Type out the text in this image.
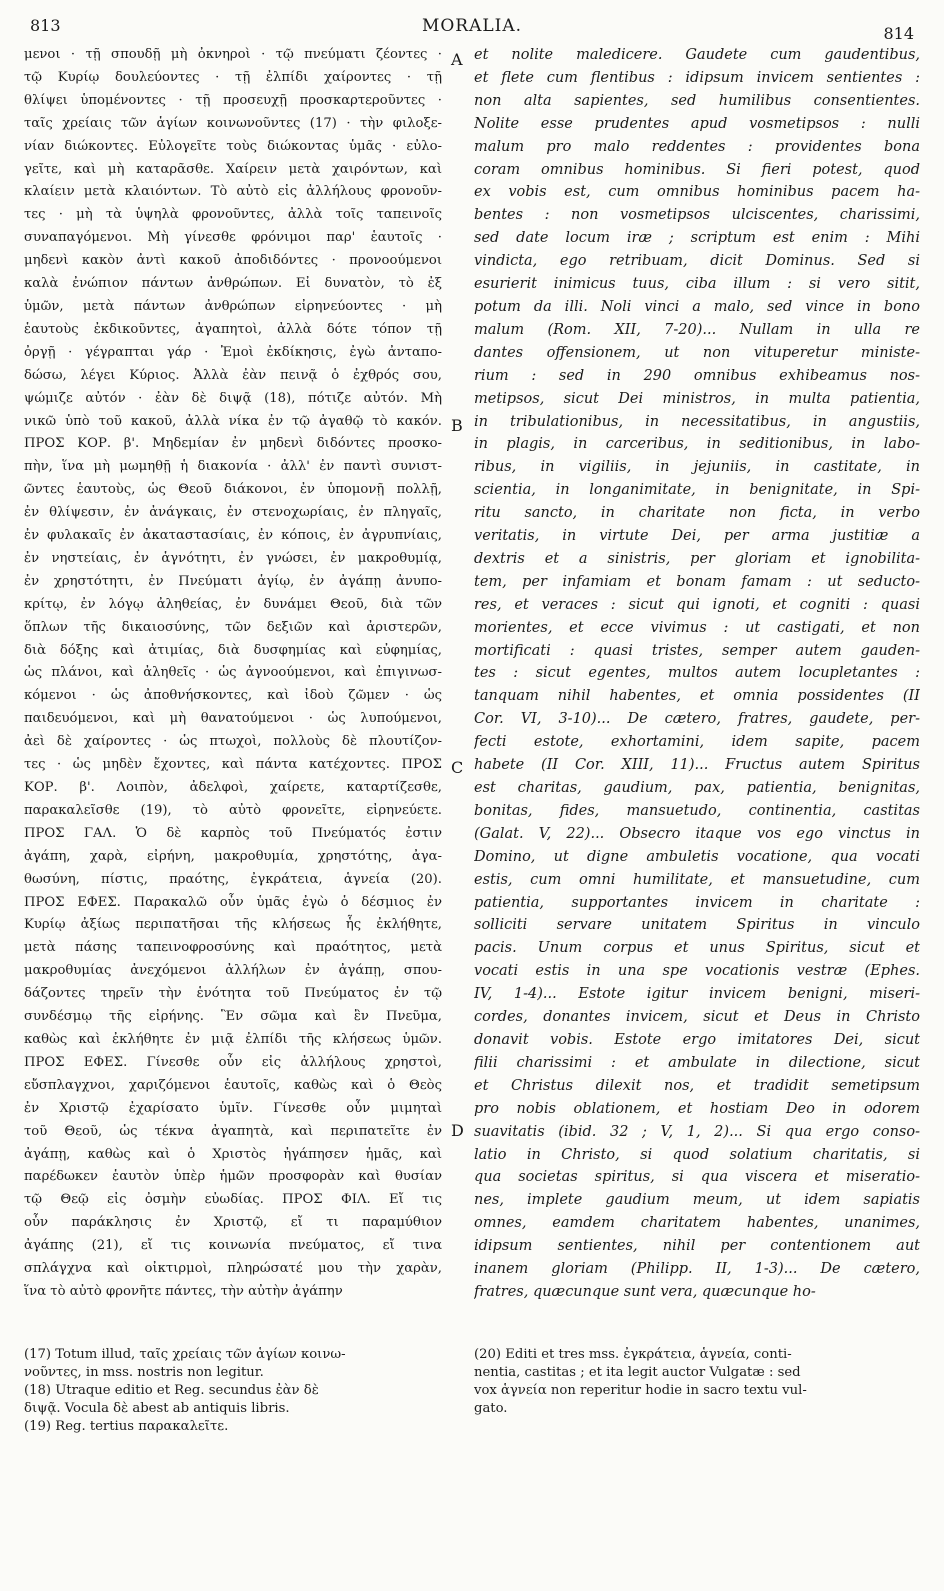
813	MORALIA.	814
μενοι · τῇ σπουδῇ μὴ ὀκνηροὶ · τῷ πνεύματι ζέοντες ·
τῷ Κυρίῳ δουλεύοντες · τῇ ἐλπίδι χαίροντες · τῇ
θλίψει ὑπομένοντες · τῇ προσευχῇ προσκαρτεροῦντες ·
ταῖς χρείαις τῶν ἁγίων κοινωνοῦντες (17) · τὴν φιλοξε-
νίαν διώκοντες. Εὐλογεῖτε τοὺς διώκοντας ὑμᾶς · εὐλο-
γεῖτε, καὶ μὴ καταρᾶσθε. Χαίρειν μετὰ χαιρόντων, καὶ
κλαίειν μετὰ κλαιόντων. Τὸ αὐτὸ εἰς ἀλλήλους φρονοῦν-
τες · μὴ τὰ ὑψηλὰ φρονοῦντες, ἀλλὰ τοῖς ταπεινοῖς
συναπαγόμενοι. Μὴ γίνεσθε φρόνιμοι παρ' ἑαυτοῖς ·
μηδενὶ κακὸν ἀντὶ κακοῦ ἀποδιδόντες · προνοούμενοι
καλὰ ἐνώπιον πάντων ἀνθρώπων. Εἰ δυνατὸν, τὸ ἐξ
ὑμῶν, μετὰ πάντων ἀνθρώπων εἰρηνεύοντες · μὴ
ἑαυτοὺς ἐκδικοῦντες, ἀγαπητοὶ, ἀλλὰ δότε τόπον τῇ
ὀργῇ · γέγραπται γάρ · Ἐμοὶ ἐκδίκησις, ἐγὼ ἀνταπο-
δώσω, λέγει Κύριος. Ἀλλὰ ἐὰν πεινᾷ ὁ ἐχθρός σου,
ψώμιζε αὐτόν · ἐὰν δὲ διψᾷ (18), πότιζε αὐτόν. Μὴ
νικῶ ὑπὸ τοῦ κακοῦ, ἀλλὰ νίκα ἐν τῷ ἀγαθῷ τὸ κακόν.
ΠΡΟΣ ΚΟΡ. β'. Μηδεμίαν ἐν μηδενὶ διδόντες προσκο-
πὴν, ἵνα μὴ μωμηθῇ ἡ διακονία · ἀλλ' ἐν παντὶ συνιστ-
ῶντες ἑαυτοὺς, ὡς Θεοῦ διάκονοι, ἐν ὑπομονῇ πολλῇ,
ἐν θλίψεσιν, ἐν ἀνάγκαις, ἐν στενοχωρίαις, ἐν πληγαῖς,
ἐν φυλακαῖς ἐν ἀκαταστασίαις, ἐν κόποις, ἐν ἀγρυπνίαις,
ἐν νηστείαις, ἐν ἁγνότητι, ἐν γνώσει, ἐν μακροθυμίᾳ,
ἐν χρηστότητι, ἐν Πνεύματι ἁγίῳ, ἐν ἀγάπῃ ἀνυπο-
κρίτῳ, ἐν λόγῳ ἀληθείας, ἐν δυνάμει Θεοῦ, διὰ τῶν
ὅπλων τῆς δικαιοσύνης, τῶν δεξιῶν καὶ ἀριστερῶν,
διὰ δόξης καὶ ἀτιμίας, διὰ δυσφημίας καὶ εὐφημίας,
ὡς πλάνοι, καὶ ἀληθεῖς · ὡς ἀγνοούμενοι, καὶ ἐπιγινωσ-
κόμενοι · ὡς ἀποθνήσκοντες, καὶ ἰδοὺ ζῶμεν · ὡς
παιδευόμενοι, καὶ μὴ θανατούμενοι · ὡς λυπούμενοι,
ἀεὶ δὲ χαίροντες · ὡς πτωχοὶ, πολλοὺς δὲ πλουτίζον-
τες · ὡς μηδὲν ἔχοντες, καὶ πάντα κατέχοντες. ΠΡΟΣ
ΚΟΡ. β'. Λοιπὸν, ἀδελφοὶ, χαίρετε, καταρτίζεσθε,
παρακαλεῖσθε (19), τὸ αὐτὸ φρονεῖτε, εἰρηνεύετε.
ΠΡΟΣ ΓΑΛ. Ὁ δὲ καρπὸς τοῦ Πνεύματός ἐστιν
ἀγάπη, χαρὰ, εἰρήνη, μακροθυμία, χρηστότης, ἀγα-
θωσύνη, πίστις, πραότης, ἐγκράτεια, ἁγνεία (20).
ΠΡΟΣ ΕΦΕΣ. Παρακαλῶ οὖν ὑμᾶς ἐγὼ ὁ δέσμιος ἐν
Κυρίῳ ἀξίως περιπατῆσαι τῆς κλήσεως ἧς ἐκλήθητε,
μετὰ πάσης ταπεινοφροσύνης καὶ πραότητος, μετὰ
μακροθυμίας ἀνεχόμενοι ἀλλήλων ἐν ἀγάπῃ, σπου-
δάζοντες τηρεῖν τὴν ἑνότητα τοῦ Πνεύματος ἐν τῷ
συνδέσμῳ τῆς εἰρήνης. Ἓν σῶμα καὶ ἓν Πνεῦμα,
καθὼς καὶ ἐκλήθητε ἐν μιᾷ ἐλπίδι τῆς κλήσεως ὑμῶν.
ΠΡΟΣ ΕΦΕΣ. Γίνεσθε οὖν εἰς ἀλλήλους χρηστοὶ,
εὔσπλαγχνοι, χαριζόμενοι ἑαυτοῖς, καθὼς καὶ ὁ Θεὸς
ἐν Χριστῷ ἐχαρίσατο ὑμῖν. Γίνεσθε οὖν μιμηταὶ
τοῦ Θεοῦ, ὡς τέκνα ἀγαπητὰ, καὶ περιπατεῖτε ἐν
ἀγάπῃ, καθὼς καὶ ὁ Χριστὸς ἠγάπησεν ἡμᾶς, καὶ
παρέδωκεν ἑαυτὸν ὑπὲρ ἡμῶν προσφορὰν καὶ θυσίαν
τῷ Θεῷ εἰς ὀσμὴν εὐωδίας. ΠΡΟΣ ΦΙΛ. Εἴ τις
οὖν παράκλησις ἐν Χριστῷ, εἴ τι παραμύθιον
ἀγάπης (21), εἴ τις κοινωνία πνεύματος, εἴ τινα
σπλάγχνα καὶ οἰκτιρμοὶ, πληρώσατέ μου τὴν χαρὰν,
ἵνα τὸ αὐτὸ φρονῆτε πάντες, τὴν αὐτὴν ἀγάπην
et nolite maledicere. Gaudete cum gaudentibus,
et flete cum flentibus : idipsum invicem sentientes :
non alta sapientes, sed humilibus consentientes.
Nolite esse prudentes apud vosmetipsos : nulli
malum pro malo reddentes : providentes bona
coram omnibus hominibus. Si fieri potest, quod
ex vobis est, cum omnibus hominibus pacem ha-
bentes : non vosmetipsos ulciscentes, charissimi,
sed date locum iræ ; scriptum est enim : Mihi
vindicta, ego retribuam, dicit Dominus. Sed si
esurierit inimicus tuus, ciba illum : si vero sitit,
potum da illi. Noli vinci a malo, sed vince in bono
malum (Rom. XII, 7-20)... Nullam in ulla re
dantes offensionem, ut non vituperetur ministe-
rium : sed in 290 omnibus exhibeamus nos-
metipsos, sicut Dei ministros, in multa patientia,
in tribulationibus, in necessitatibus, in angustiis,
in plagis, in carceribus, in seditionibus, in labo-
ribus, in vigiliis, in jejuniis, in castitate, in
scientia, in longanimitate, in benignitate, in Spi-
ritu sancto, in charitate non ficta, in verbo
veritatis, in virtute Dei, per arma justitiæ a
dextris et a sinistris, per gloriam et ignobilita-
tem, per infamiam et bonam famam : ut seducto-
res, et veraces : sicut qui ignoti, et cogniti : quasi
morientes, et ecce vivimus : ut castigati, et non
mortificati : quasi tristes, semper autem gauden-
tes : sicut egentes, multos autem locupletantes :
tanquam nihil habentes, et omnia possidentes (II
Cor. VI, 3-10)... De cætero, fratres, gaudete, per-
fecti estote, exhortamini, idem sapite, pacem
habete (II Cor. XIII, 11)... Fructus autem Spiritus
est charitas, gaudium, pax, patientia, benignitas,
bonitas, fides, mansuetudo, continentia, castitas
(Galat. V, 22)... Obsecro itaque vos ego vinctus in
Domino, ut digne ambuletis vocatione, qua vocati
estis, cum omni humilitate, et mansuetudine, cum
patientia, supportantes invicem in charitate :
solliciti servare unitatem Spiritus in vinculo
pacis. Unum corpus et unus Spiritus, sicut et
vocati estis in una spe vocationis vestræ (Ephes.
IV, 1-4)... Estote igitur invicem benigni, miseri-
cordes, donantes invicem, sicut et Deus in Christo
donavit vobis. Estote ergo imitatores Dei, sicut
filii charissimi : et ambulate in dilectione, sicut
et Christus dilexit nos, et tradidit semetipsum
pro nobis oblationem, et hostiam Deo in odorem
suavitatis (ibid. 32 ; V, 1, 2)... Si qua ergo conso-
latio in Christo, si quod solatium charitatis, si
qua societas spiritus, si qua viscera et miseratio-
nes, implete gaudium meum, ut idem sapiatis
omnes, eamdem charitatem habentes, unanimes,
idipsum sentientes, nihil per contentionem aut
inanem gloriam (Philipp. II, 1-3)... De cætero,
fratres, quæcunque sunt vera, quæcunque ho-
A
B
C
D
(17) Totum illud, ταῖς χρείαις τῶν ἁγίων κοινω-
νοῦντες, in mss. nostris non legitur.
(18) Utraque editio et Reg. secundus ἐὰν δὲ
διψᾷ. Vocula δὲ abest ab antiquis libris.
(19) Reg. tertius παρακαλεῖτε.
(20) Editi et tres mss. ἐγκράτεια, ἁγνεία, conti-
nentia, castitas ; et ita legit auctor Vulgatæ : sed
vox ἁγνεία non reperitur hodie in sacro textu vul-
gato.
